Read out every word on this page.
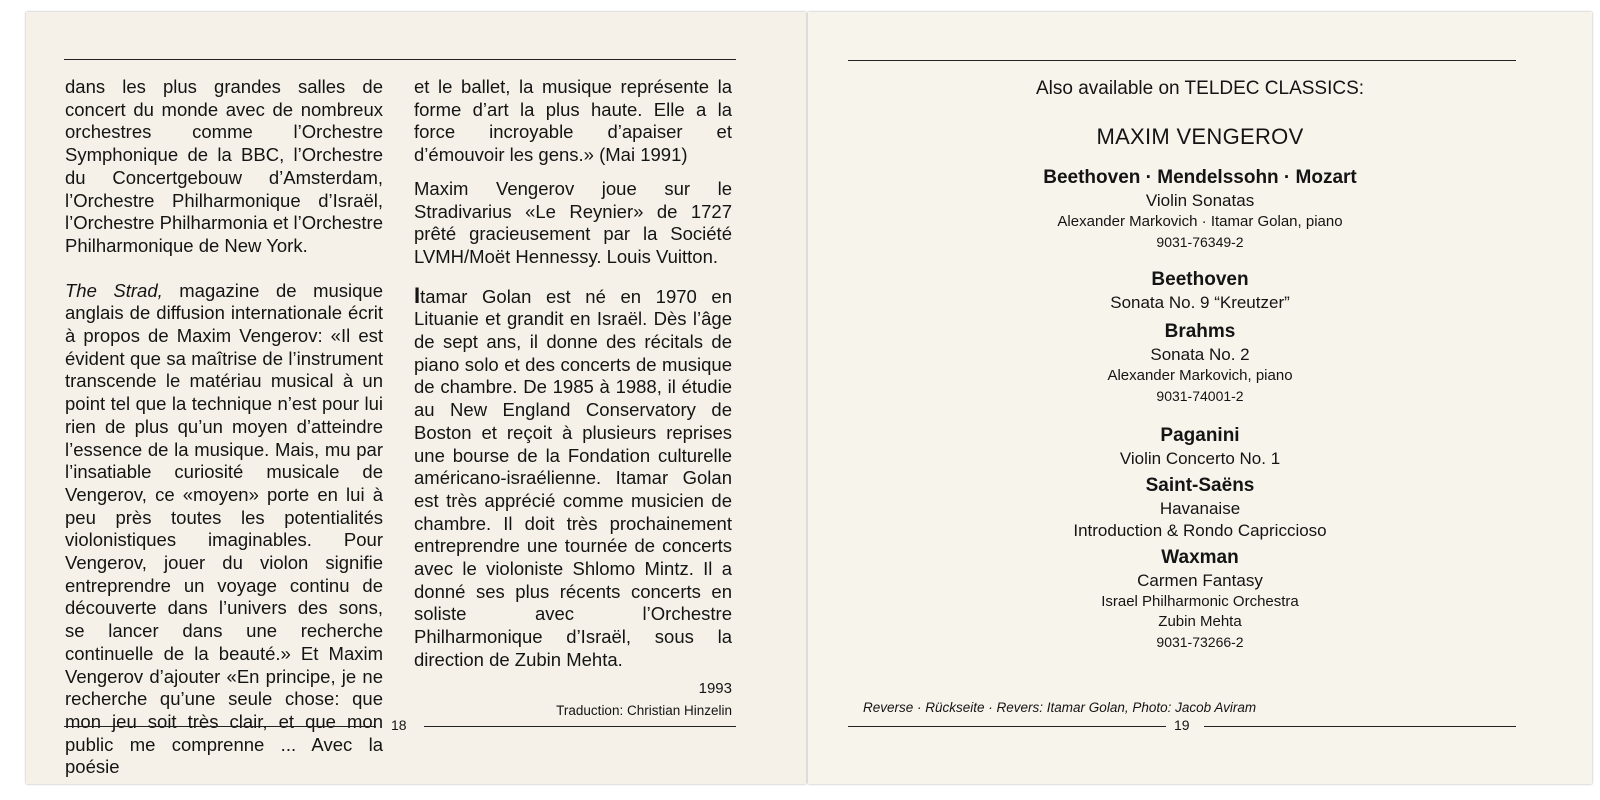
dans les plus grandes salles de concert du monde avec de nombreux orchestres comme l’Orchestre Symphonique de la BBC, l’Orchestre du Concertgebouw d’Amsterdam, l’Orchestre Philharmonique d’Israël, l’Orchestre Philharmonia et l’Orchestre Philharmonique de New York.

The Strad, magazine de musique anglais de diffusion internationale écrit à propos de Maxim Vengerov: «Il est évident que sa maîtrise de l’instrument transcende le matériau musical à un point tel que la technique n’est pour lui rien de plus qu’un moyen d’atteindre l’essence de la musique. Mais, mu par l’insatiable curiosité musicale de Vengerov, ce «moyen» porte en lui à peu près toutes les potentialités violonistiques imaginables. Pour Vengerov, jouer du violon signifie entreprendre un voyage continu de découverte dans l’univers des sons, se lancer dans une recherche continuelle de la beauté.» Et Maxim Vengerov d’ajouter «En principe, je ne recherche qu’une seule chose: que mon jeu soit très clair, et que mon public me comprenne ... Avec la poésie

et le ballet, la musique représente la forme d’art la plus haute. Elle a la force incroyable d’apaiser et d’émouvoir les gens.» (Mai 1991)

Maxim Vengerov joue sur le Stradivarius «Le Reynier» de 1727 prêté gracieusement par la Société LVMH/Moët Hennessy. Louis Vuitton.

Itamar Golan est né en 1970 en Lituanie et grandit en Israël. Dès l’âge de sept ans, il donne des récitals de piano solo et des concerts de musique de chambre. De 1985 à 1988, il étudie au New England Conservatory de Boston et reçoit à plusieurs reprises une bourse de la Fondation culturelle américano-israélienne. Itamar Golan est très apprécié comme musicien de chambre. Il doit très prochainement entreprendre une tournée de concerts avec le violoniste Shlomo Mintz. Il a donné ses plus récents concerts en soliste avec l’Orchestre Philharmonique d’Israël, sous la direction de Zubin Mehta.

1993

Traduction: Christian Hinzelin

18
Also available on TELDEC CLASSICS:
MAXIM VENGEROV
Beethoven · Mendelssohn · Mozart
Violin Sonatas
Alexander Markovich · Itamar Golan, piano
9031-76349-2
Beethoven
Sonata No. 9 “Kreutzer”
Brahms
Sonata No. 2
Alexander Markovich, piano
9031-74001-2
Paganini
Violin Concerto No. 1
Saint-Saëns
Havanaise
Introduction & Rondo Capriccioso
Waxman
Carmen Fantasy
Israel Philharmonic Orchestra
Zubin Mehta
9031-73266-2
Reverse · Rückseite · Revers: Itamar Golan, Photo: Jacob Aviram
19
